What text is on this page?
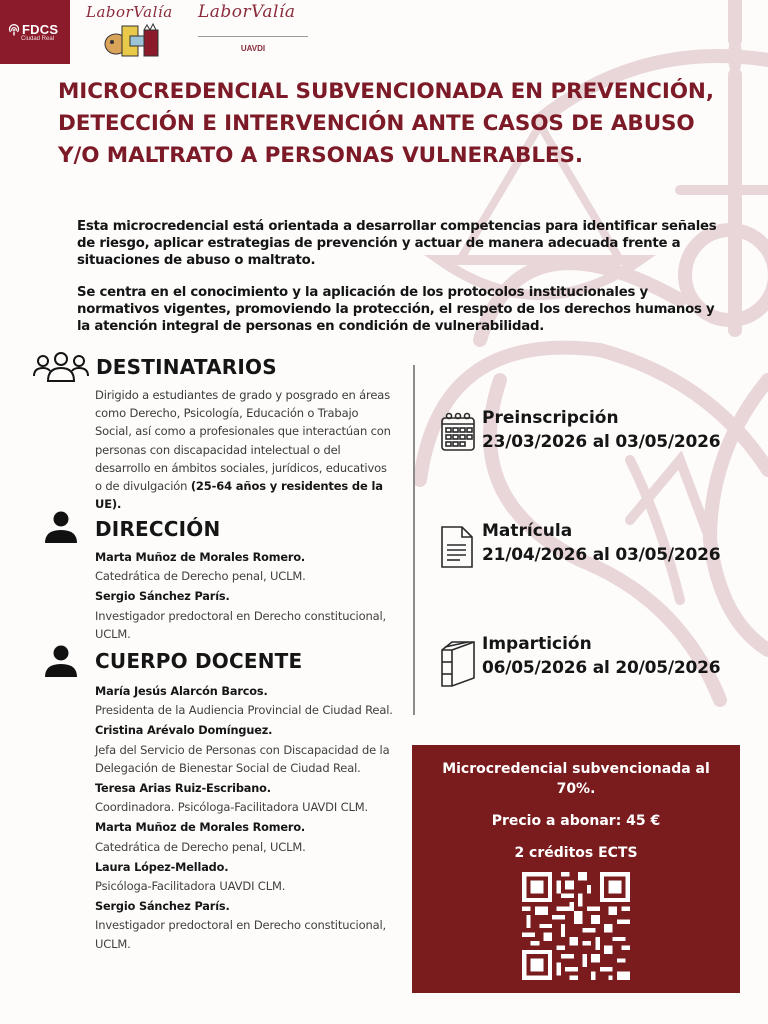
FDCS
Ciudad Real
LaborValía	LaborValía
UAVDI
MICROCREDENCIAL SUBVENCIONADA EN PREVENCIÓN, DETECCIÓN E INTERVENCIÓN ANTE CASOS DE ABUSO Y/O MALTRATO A PERSONAS VULNERABLES.

Esta microcredencial está orientada a desarrollar competencias para identificar señales de riesgo, aplicar estrategias de prevención y actuar de manera adecuada frente a situaciones de abuso o maltrato.

Se centra en el conocimiento y la aplicación de los protocolos institucionales y normativos vigentes, promoviendo la protección, el respeto de los derechos humanos y la atención integral de personas en condición de vulnerabilidad.

DESTINATARIOS
Dirigido a estudiantes de grado y posgrado en áreas como Derecho, Psicología, Educación o Trabajo Social, así como a profesionales que interactúan con personas con discapacidad intelectual o del desarrollo en ámbitos sociales, jurídicos, educativos o de divulgación (25-64 años y residentes de la UE).
DIRECCIÓN
Marta Muñoz de Morales Romero.
Catedrática de Derecho penal, UCLM.
Sergio Sánchez París.
Investigador predoctoral en Derecho constitucional, UCLM.
CUERPO DOCENTE
María Jesús Alarcón Barcos.
Presidenta de la Audiencia Provincial de Ciudad Real.
Cristina Arévalo Domínguez.
Jefa del Servicio de Personas con Discapacidad de la Delegación de Bienestar Social de Ciudad Real.
Teresa Arias Ruiz-Escribano.
Coordinadora. Psicóloga-Facilitadora UAVDI CLM.
Marta Muñoz de Morales Romero.
Catedrática de Derecho penal, UCLM.
Laura López-Mellado.
Psicóloga-Facilitadora UAVDI CLM.
Sergio Sánchez París.
Investigador predoctoral en Derecho constitucional, UCLM.
Preinscripción
23/03/2026 al 03/05/2026
Matrícula
21/04/2026 al 03/05/2026
Impartición
06/05/2026 al 20/05/2026
Microcredencial subvencionada al 70%.
Precio a abonar: 45 €
2 créditos ECTS
